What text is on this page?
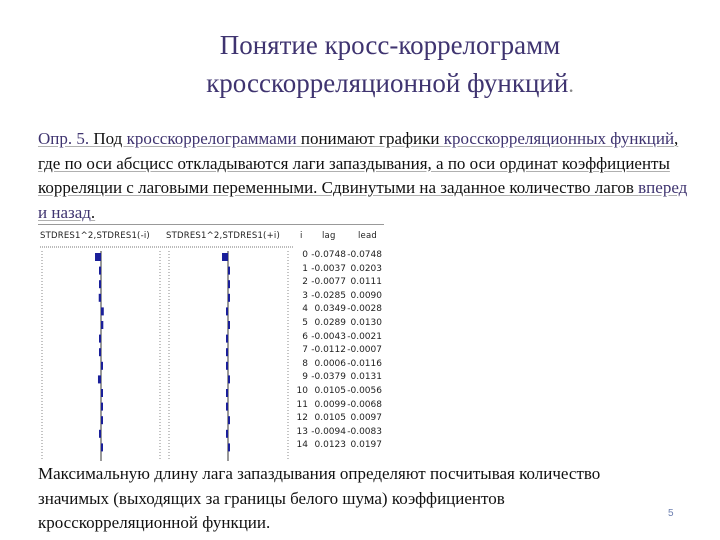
Понятие кросс-коррелограмм
кросскорреляционной функций.
Опр. 5. Под кросскоррелограммами понимают графики кросскорреляционных функций, где по оси абсцисс откладываются лаги запаздывания, а по оси ординат коэффициенты корреляции с лаговыми переменными. Сдвинутыми на заданное количество лагов вперед и назад.
STDRES1^2,STDRES1(-i) STDRES1^2,STDRES1(+i) i lag	lead
0 -0.0748 -0.0748
1 -0.0037 0.0203
2 -0.0077 0.0111
3 -0.0285 0.0090
4 0.0349 -0.0028
5 0.0289 0.0130
6 -0.0043 -0.0021
7 -0.0112 -0.0007
8 0.0006 -0.0116
9 -0.0379 0.0131
10 0.0105 -0.0056
11 0.0099 -0.0068
12 0.0105 0.0097
13 -0.0094 -0.0083
14 0.0123 0.0197
Максимальную длину лага запаздывания определяют посчитывая количество значимых (выходящих за границы белого шума) коэффициентов кросскорреляционной функции.	5
